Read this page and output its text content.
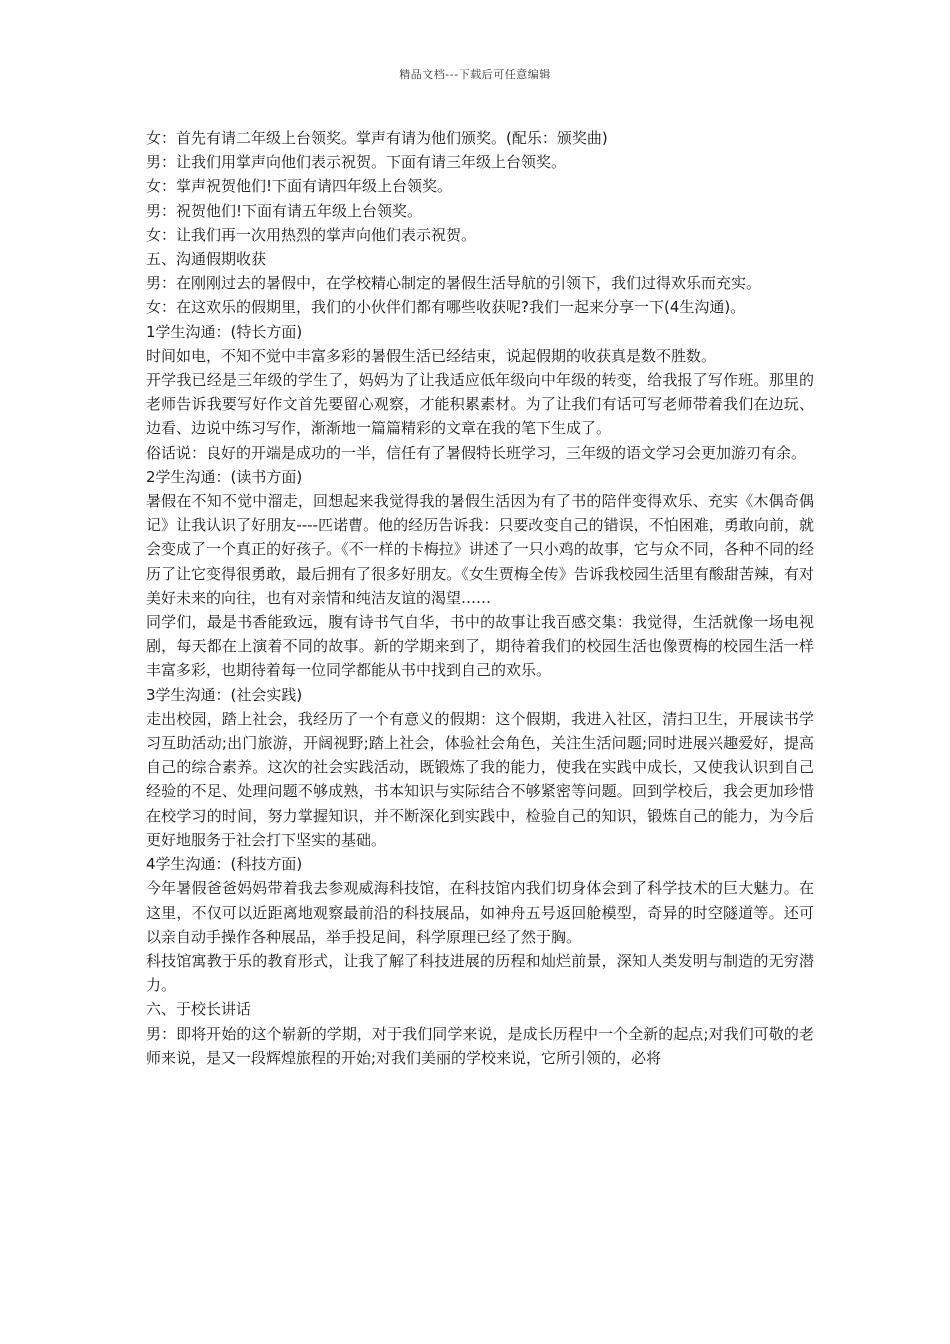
精品文档---下载后可任意编辑

女：首先有请二年级上台领奖。掌声有请为他们颁奖。(配乐：颁奖曲)

男：让我们用掌声向他们表示祝贺。下面有请三年级上台领奖。

女：掌声祝贺他们!下面有请四年级上台领奖。

男：祝贺他们!下面有请五年级上台领奖。

女：让我们再一次用热烈的掌声向他们表示祝贺。

五、沟通假期收获

男：在刚刚过去的暑假中，在学校精心制定的暑假生活导航的引领下，我们过得欢乐而充实。

女：在这欢乐的假期里，我们的小伙伴们都有哪些收获呢?我们一起来分享一下(4生沟通)。

1学生沟通：(特长方面)

时间如电，不知不觉中丰富多彩的暑假生活已经结束，说起假期的收获真是数不胜数。

开学我已经是三年级的学生了，妈妈为了让我适应低年级向中年级的转变，给我报了写作班。那里的老师告诉我要写好作文首先要留心观察，才能积累素材。为了让我们有话可写老师带着我们在边玩、边看、边说中练习写作，渐渐地一篇篇精彩的文章在我的笔下生成了。

俗话说：良好的开端是成功的一半，信任有了暑假特长班学习，三年级的语文学习会更加游刃有余。

2学生沟通：(读书方面)

暑假在不知不觉中溜走，回想起来我觉得我的暑假生活因为有了书的陪伴变得欢乐、充实《木偶奇偶记》让我认识了好朋友----匹诺曹。他的经历告诉我：只要改变自己的错误，不怕困难，勇敢向前，就会变成了一个真正的好孩子。《不一样的卡梅拉》讲述了一只小鸡的故事，它与众不同，各种不同的经历了让它变得很勇敢，最后拥有了很多好朋友。《女生贾梅全传》告诉我校园生活里有酸甜苦辣，有对美好未来的向往，也有对亲情和纯洁友谊的渴望……

同学们，最是书香能致远，腹有诗书气自华，书中的故事让我百感交集：我觉得，生活就像一场电视剧，每天都在上演着不同的故事。新的学期来到了，期待着我们的校园生活也像贾梅的校园生活一样丰富多彩，也期待着每一位同学都能从书中找到自己的欢乐。

3学生沟通：(社会实践)

走出校园，踏上社会，我经历了一个有意义的假期：这个假期，我进入社区，清扫卫生，开展读书学习互助活动;出门旅游，开阔视野;踏上社会，体验社会角色，关注生活问题;同时进展兴趣爱好，提高自己的综合素养。这次的社会实践活动，既锻炼了我的能力，使我在实践中成长，又使我认识到自己经验的不足、处理问题不够成熟，书本知识与实际结合不够紧密等问题。回到学校后，我会更加珍惜在校学习的时间，努力掌握知识，并不断深化到实践中，检验自己的知识，锻炼自己的能力，为今后更好地服务于社会打下坚实的基础。

4学生沟通：(科技方面)

今年暑假爸爸妈妈带着我去参观威海科技馆，在科技馆内我们切身体会到了科学技术的巨大魅力。在这里，不仅可以近距离地观察最前沿的科技展品，如神舟五号返回舱模型，奇异的时空隧道等。还可以亲自动手操作各种展品，举手投足间，科学原理已经了然于胸。

科技馆寓教于乐的教育形式，让我了解了科技进展的历程和灿烂前景，深知人类发明与制造的无穷潜力。

六、于校长讲话

男：即将开始的这个崭新的学期，对于我们同学来说，是成长历程中一个全新的起点;对我们可敬的老师来说，是又一段辉煌旅程的开始;对我们美丽的学校来说，它所引领的，必将
